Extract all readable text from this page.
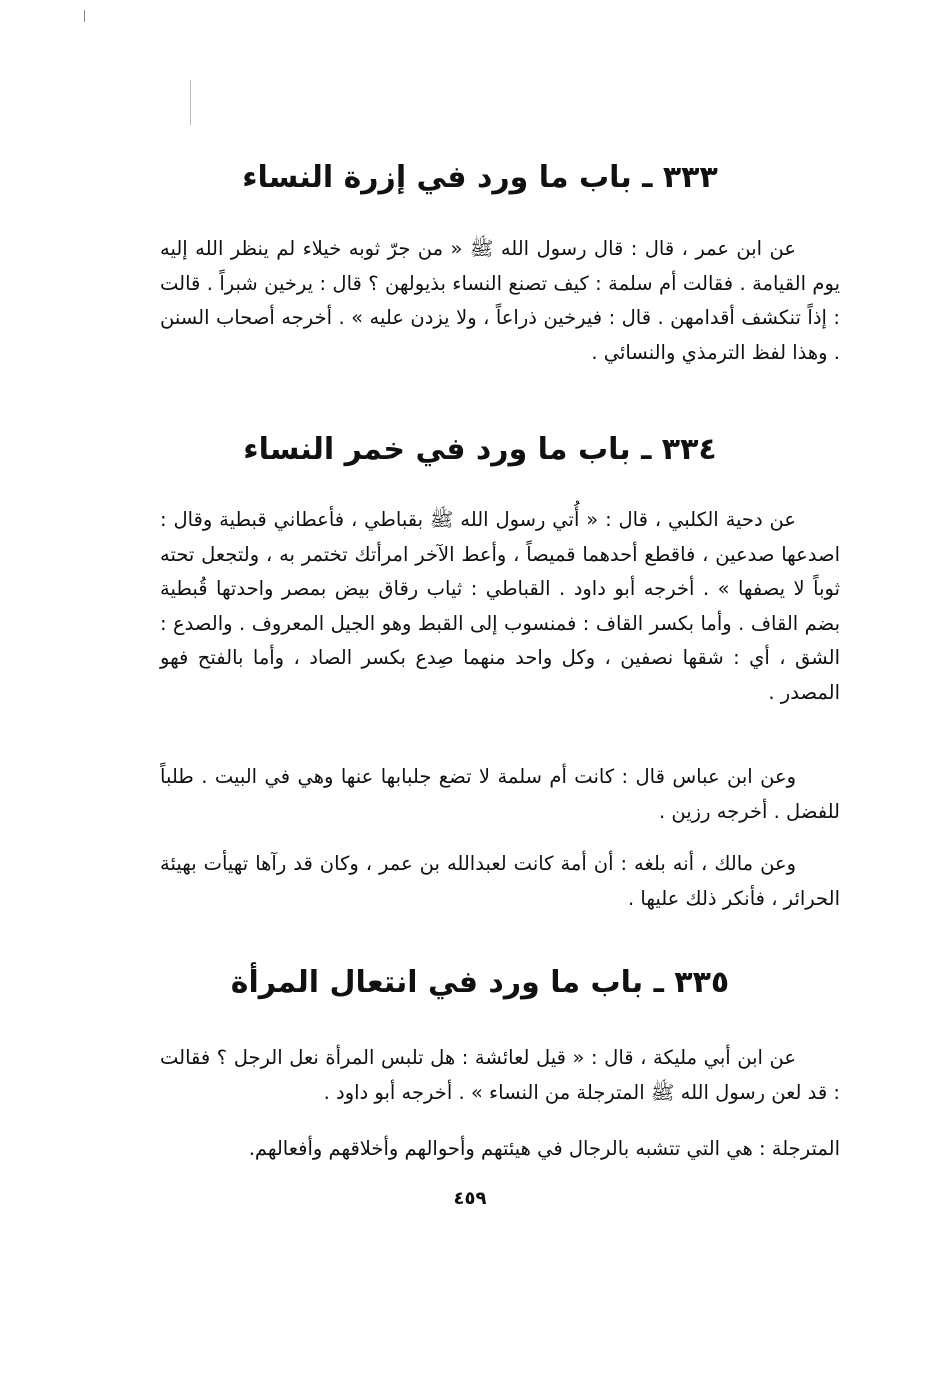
٣٣٣ ـ باب ما ورد في إزرة النساء
عن ابن عمر ، قال : قال رسول الله ﷺ « من جرّ ثوبه خيلاء لم ينظر الله إليه يوم القيامة . فقالت أم سلمة : كيف تصنع النساء بذيولهن ؟ قال : يرخين شبراً . قالت : إذاً تنكشف أقدامهن . قال : فيرخين ذراعاً ، ولا يزدن عليه » . أخرجه أصحاب السنن . وهذا لفظ الترمذي والنسائي .
٣٣٤ ـ باب ما ورد في خمر النساء
عن دحية الكلبي ، قال : « أُتي رسول الله ﷺ بقباطي ، فأعطاني قبطية وقال : اصدعها صدعين ، فاقطع أحدهما قميصاً ، وأعط الآخر امرأتك تختمر به ، ولتجعل تحته ثوباً لا يصفها » . أخرجه أبو داود . القباطي : ثياب رقاق بيض بمصر واحدتها قُبطية بضم القاف . وأما بكسر القاف : فمنسوب إلى القبط وهو الجيل المعروف . والصدع : الشق ، أي : شقها نصفين ، وكل واحد منهما صِدع بكسر الصاد ، وأما بالفتح فهو المصدر .
وعن ابن عباس قال : كانت أم سلمة لا تضع جلبابها عنها وهي في البيت . طلباً للفضل . أخرجه رزين .
وعن مالك ، أنه بلغه : أن أمة كانت لعبدالله بن عمر ، وكان قد رآها تهيأت بهيئة الحرائر ، فأنكر ذلك عليها .
٣٣٥ ـ باب ما ورد في انتعال المرأة
عن ابن أبي مليكة ، قال : « قيل لعائشة : هل تلبس المرأة نعل الرجل ؟ فقالت : قد لعن رسول الله ﷺ المترجلة من النساء » . أخرجه أبو داود .
المترجلة : هي التي تتشبه بالرجال في هيئتهم وأحوالهم وأخلاقهم وأفعالهم.
٤٥٩
